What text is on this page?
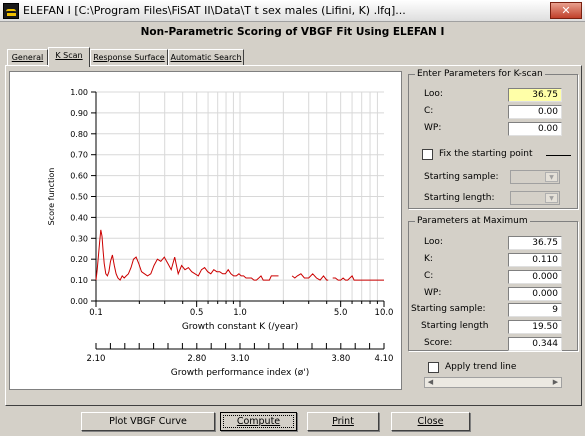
ELEFAN I [C:\Program Files\FiSAT II\Data\T t sex males (Lifini, K) .lfq]...	✕
Non-Parametric Scoring of VBGF Fit Using ELEFAN I
General	K Scan	Response Surface Automatic Search
0.00
0.10
0.20
0.30
0.40
0.50
0.60
0.70
0.80
0.90
1.00
0.1	0.5	1.0	5.0	10.0
2.10	2.80	3.10	3.80	4.10
Score function
Growth constant K (/year)
Growth performance index (ø')
Enter Parameters for K-scan
Loo:	36.75
C:	0.00
WP:	0.00
Fix the starting point
Starting sample:	▼
Starting length:	▼
Parameters at Maximum
Loo:	36.75
K:	0.110
C:	0.000
WP:	0.000
Starting sample:	9
Starting length	19.50
Score:	0.344
Apply trend line
◀	▶
Plot VBGF Curve	Compute	Print	Close
